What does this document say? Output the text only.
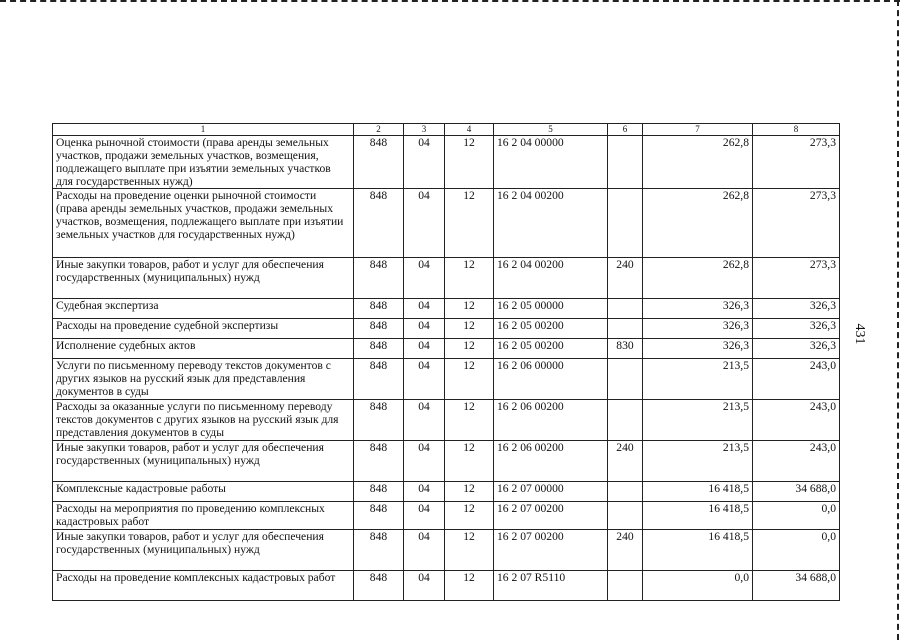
431
1	2	3	4	5	6	7	8
Оценка рыночной стоимости (права аренды земельных участков, продажи земельных участков, возмещения, подлежащего выплате при изъятии земельных участков для государственных нужд)	848	04	12	16 2 04 00000		262,8	273,3
Расходы на проведение оценки рыночной стоимости (права аренды земельных участков, продажи земельных участков, возмещения, подлежащего выплате при изъятии земельных участков для государственных нужд)	848	04	12	16 2 04 00200		262,8	273,3
Иные закупки товаров, работ и услуг для обеспечения государственных (муниципальных) нужд	848	04	12	16 2 04 00200	240	262,8	273,3
Судебная экспертиза	848	04	12	16 2 05 00000		326,3	326,3
Расходы на проведение судебной экспертизы	848	04	12	16 2 05 00200		326,3	326,3
Исполнение судебных актов	848	04	12	16 2 05 00200	830	326,3	326,3
Услуги по письменному переводу текстов документов с других языков на русский язык для представления документов в суды	848	04	12	16 2 06 00000		213,5	243,0
Расходы за оказанные услуги по письменному переводу текстов документов с других языков на русский язык для представления документов в суды	848	04	12	16 2 06 00200		213,5	243,0
Иные закупки товаров, работ и услуг для обеспечения государственных (муниципальных) нужд	848	04	12	16 2 06 00200	240	213,5	243,0
Комплексные кадастровые работы	848	04	12	16 2 07 00000		16 418,5	34 688,0
Расходы на мероприятия по проведению комплексных кадастровых работ	848	04	12	16 2 07 00200		16 418,5	0,0
Иные закупки товаров, работ и услуг для обеспечения государственных (муниципальных) нужд	848	04	12	16 2 07 00200	240	16 418,5	0,0
Расходы на проведение комплексных кадастровых работ	848	04	12	16 2 07 R5110		0,0	34 688,0
